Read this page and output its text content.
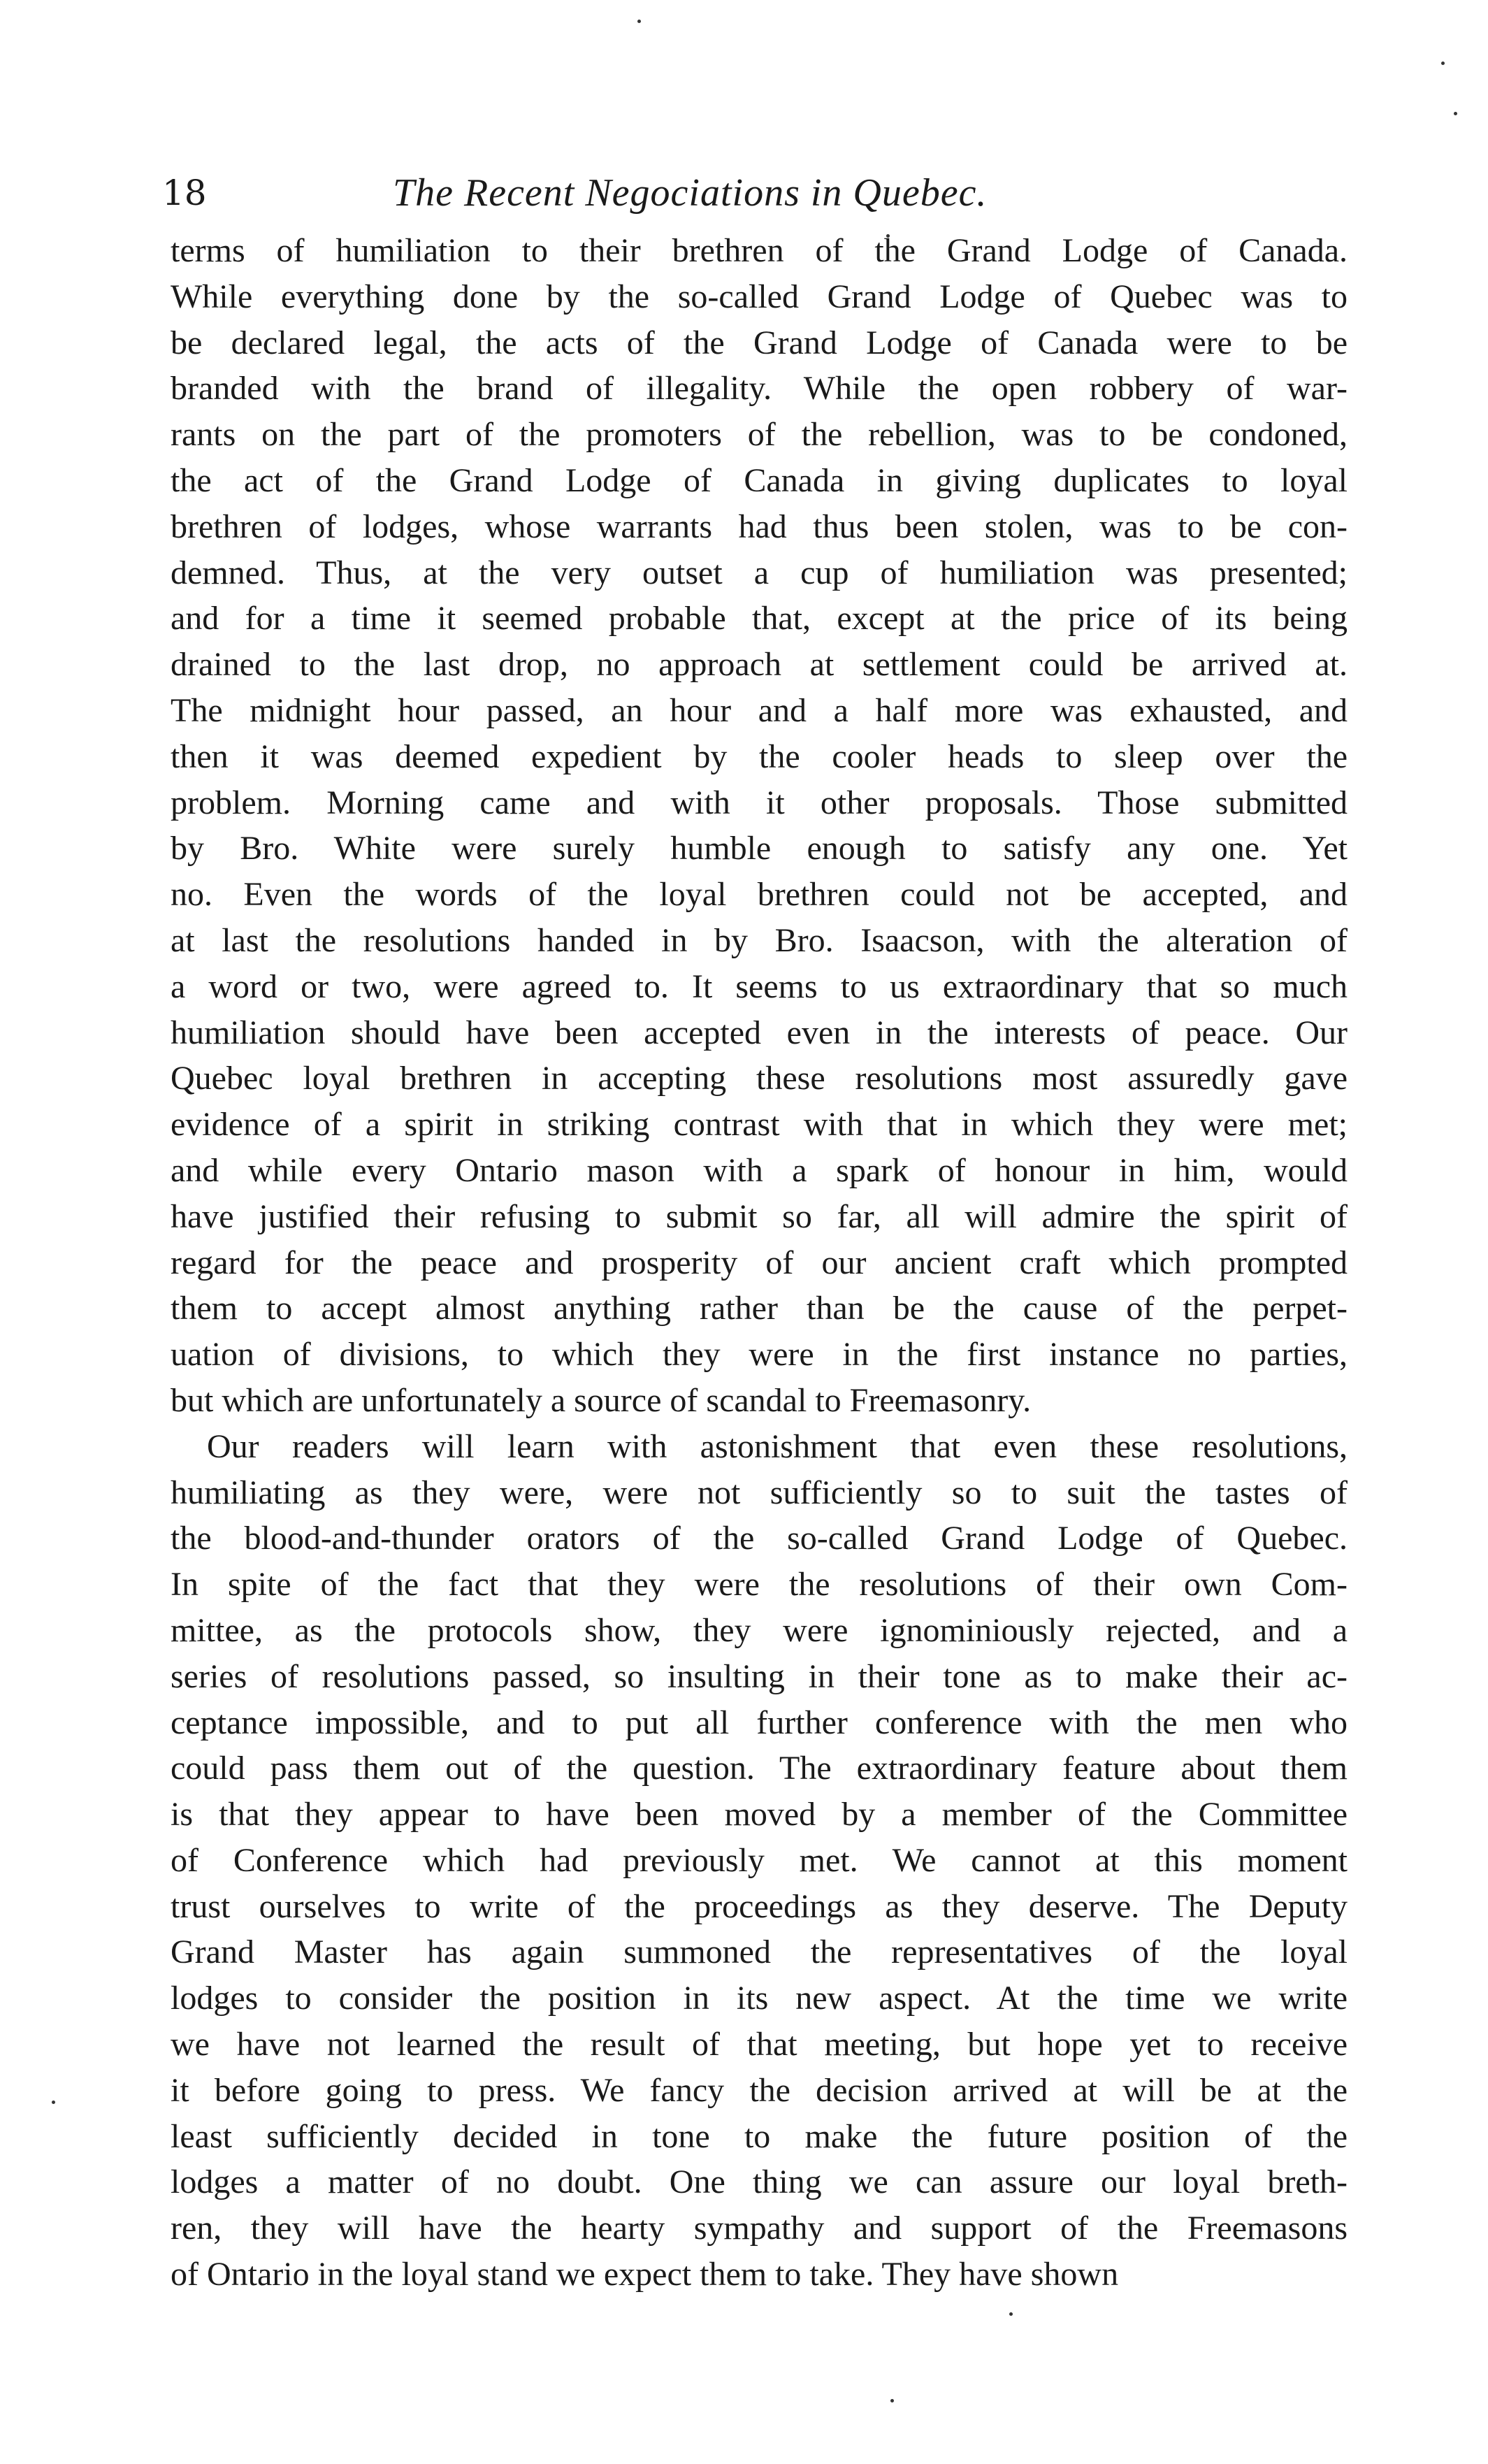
18	The Recent Negociations in Quebec.
terms of humiliation to their brethren of the Grand Lodge of Canada.
While everything done by the so-called Grand Lodge of Quebec was to
be declared legal, the acts of the Grand Lodge of Canada were to be
branded with the brand of illegality. While the open robbery of war-
rants on the part of the promoters of the rebellion, was to be condoned,
the act of the Grand Lodge of Canada in giving duplicates to loyal
brethren of lodges, whose warrants had thus been stolen, was to be con-
demned. Thus, at the very outset a cup of humiliation was presented;
and for a time it seemed probable that, except at the price of its being
drained to the last drop, no approach at settlement could be arrived at.
The midnight hour passed, an hour and a half more was exhausted, and
then it was deemed expedient by the cooler heads to sleep over the
problem. Morning came and with it other proposals. Those submitted
by Bro. White were surely humble enough to satisfy any one. Yet
no. Even the words of the loyal brethren could not be accepted, and
at last the resolutions handed in by Bro. Isaacson, with the alteration of
a word or two, were agreed to. It seems to us extraordinary that so much
humiliation should have been accepted even in the interests of peace. Our
Quebec loyal brethren in accepting these resolutions most assuredly gave
evidence of a spirit in striking contrast with that in which they were met;
and while every Ontario mason with a spark of honour in him, would
have justified their refusing to submit so far, all will admire the spirit of
regard for the peace and prosperity of our ancient craft which prompted
them to accept almost anything rather than be the cause of the perpet-
uation of divisions, to which they were in the first instance no parties,
but which are unfortunately a source of scandal to Freemasonry.
Our readers will learn with astonishment that even these resolutions,
humiliating as they were, were not sufficiently so to suit the tastes of
the blood-and-thunder orators of the so-called Grand Lodge of Quebec.
In spite of the fact that they were the resolutions of their own Com-
mittee, as the protocols show, they were ignominiously rejected, and a
series of resolutions passed, so insulting in their tone as to make their ac-
ceptance impossible, and to put all further conference with the men who
could pass them out of the question. The extraordinary feature about them
is that they appear to have been moved by a member of the Committee
of Conference which had previously met. We cannot at this moment
trust ourselves to write of the proceedings as they deserve. The Deputy
Grand Master has again summoned the representatives of the loyal
lodges to consider the position in its new aspect. At the time we write
we have not learned the result of that meeting, but hope yet to receive
it before going to press. We fancy the decision arrived at will be at the
least sufficiently decided in tone to make the future position of the
lodges a matter of no doubt. One thing we can assure our loyal breth-
ren, they will have the hearty sympathy and support of the Freemasons
of Ontario in the loyal stand we expect them to take. They have shown
